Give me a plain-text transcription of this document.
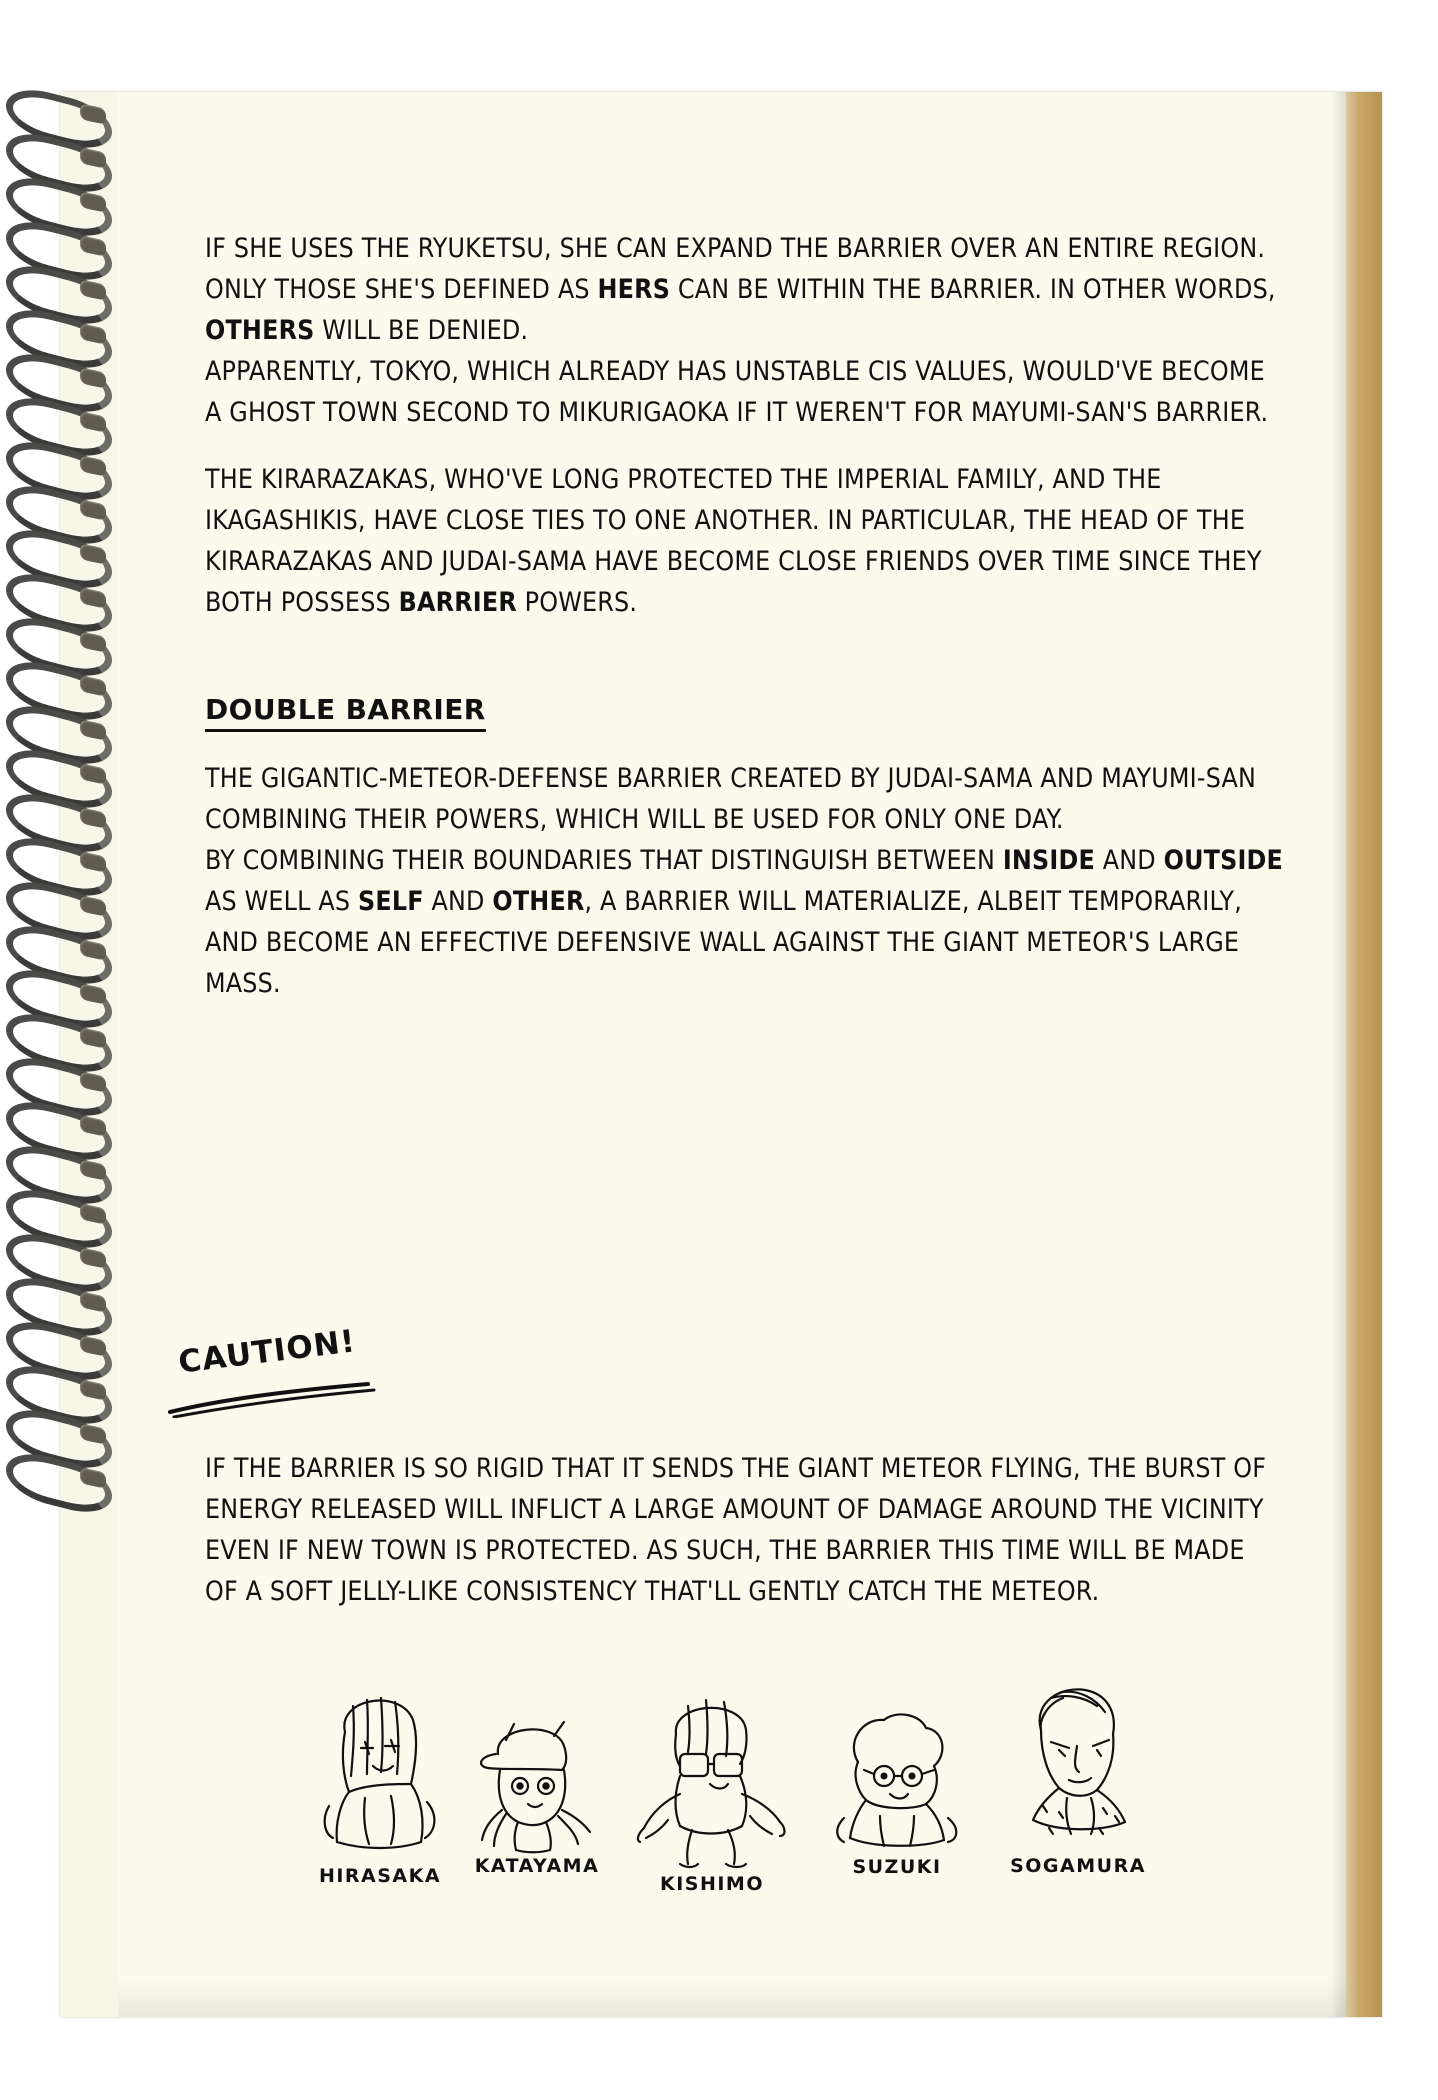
IF SHE USES THE RYUKETSU, SHE CAN EXPAND THE BARRIER OVER AN ENTIRE REGION. ONLY THOSE SHE'S DEFINED AS HERS CAN BE WITHIN THE BARRIER. IN OTHER WORDS, OTHERS WILL BE DENIED.

APPARENTLY, TOKYO, WHICH ALREADY HAS UNSTABLE CIS VALUES, WOULD'VE BECOME A GHOST TOWN SECOND TO MIKURIGAOKA IF IT WEREN'T FOR MAYUMI-SAN'S BARRIER.

THE KIRARAZAKAS, WHO'VE LONG PROTECTED THE IMPERIAL FAMILY, AND THE IKAGASHIKIS, HAVE CLOSE TIES TO ONE ANOTHER. IN PARTICULAR, THE HEAD OF THE KIRARAZAKAS AND JUDAI-SAMA HAVE BECOME CLOSE FRIENDS OVER TIME SINCE THEY BOTH POSSESS BARRIER POWERS.

DOUBLE BARRIER

THE GIGANTIC-METEOR-DEFENSE BARRIER CREATED BY JUDAI-SAMA AND MAYUMI-SAN COMBINING THEIR POWERS, WHICH WILL BE USED FOR ONLY ONE DAY.

BY COMBINING THEIR BOUNDARIES THAT DISTINGUISH BETWEEN INSIDE AND OUTSIDE AS WELL AS SELF AND OTHER, A BARRIER WILL MATERIALIZE, ALBEIT TEMPORARILY, AND BECOME AN EFFECTIVE DEFENSIVE WALL AGAINST THE GIANT METEOR'S LARGE MASS.

CAUTION!

IF THE BARRIER IS SO RIGID THAT IT SENDS THE GIANT METEOR FLYING, THE BURST OF ENERGY RELEASED WILL INFLICT A LARGE AMOUNT OF DAMAGE AROUND THE VICINITY EVEN IF NEW TOWN IS PROTECTED. AS SUCH, THE BARRIER THIS TIME WILL BE MADE OF A SOFT JELLY-LIKE CONSISTENCY THAT'LL GENTLY CATCH THE METEOR.

HIRASAKA	KATAYAMA
KISHIMO
SUZUKI	SOGAMURA
